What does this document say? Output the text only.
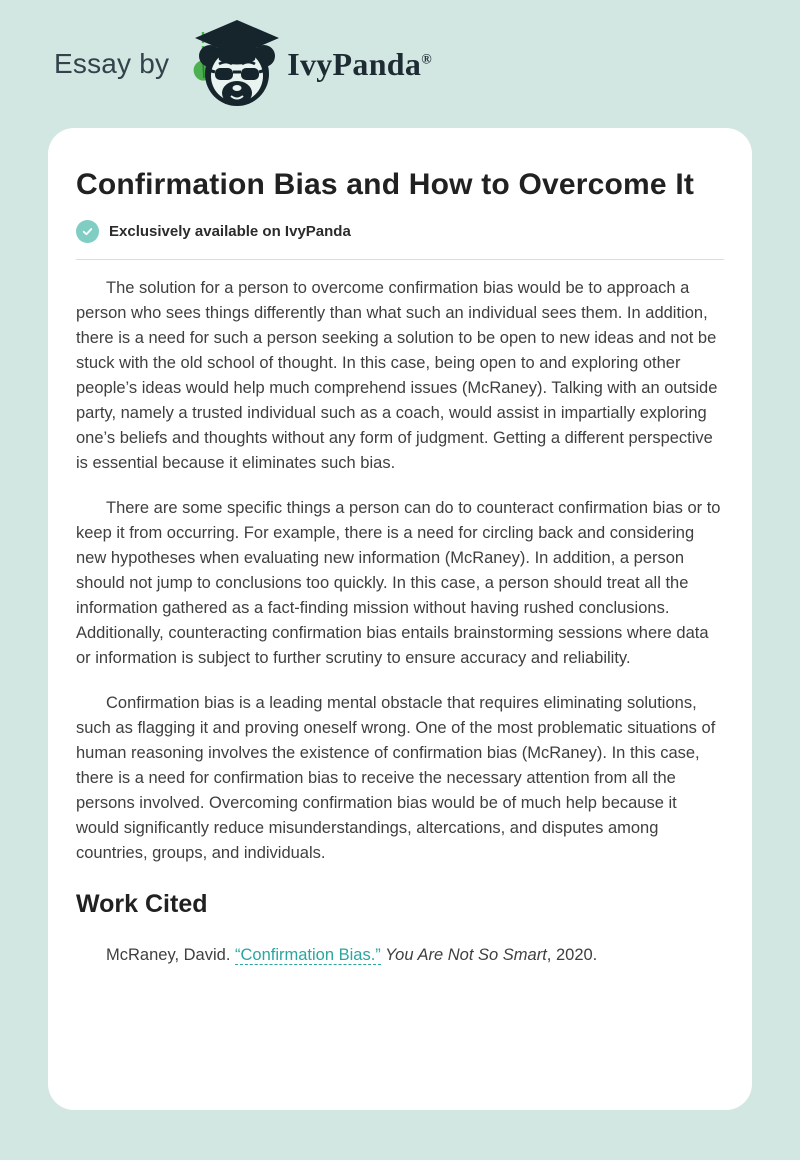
Essay by	IvyPanda®
Confirmation Bias and How to Overcome It
Exclusively available on IvyPanda

The solution for a person to overcome confirmation bias would be to approach a person who sees things differently than what such an individual sees them. In addition, there is a need for such a person seeking a solution to be open to new ideas and not be stuck with the old school of thought. In this case, being open to and exploring other people’s ideas would help much comprehend issues (McRaney). Talking with an outside party, namely a trusted individual such as a coach, would assist in impartially exploring one’s beliefs and thoughts without any form of judgment. Getting a different perspective is essential because it eliminates such bias.

There are some specific things a person can do to counteract confirmation bias or to keep it from occurring. For example, there is a need for circling back and considering new hypotheses when evaluating new information (McRaney). In addition, a person should not jump to conclusions too quickly. In this case, a person should treat all the information gathered as a fact-finding mission without having rushed conclusions. Additionally, counteracting confirmation bias entails brainstorming sessions where data or information is subject to further scrutiny to ensure accuracy and reliability.

Confirmation bias is a leading mental obstacle that requires eliminating solutions, such as flagging it and proving oneself wrong. One of the most problematic situations of human reasoning involves the existence of confirmation bias (McRaney). In this case, there is a need for confirmation bias to receive the necessary attention from all the persons involved. Overcoming confirmation bias would be of much help because it would significantly reduce misunderstandings, altercations, and disputes among countries, groups, and individuals.

Work Cited
McRaney, David. “Confirmation Bias.” You Are Not So Smart, 2020.
